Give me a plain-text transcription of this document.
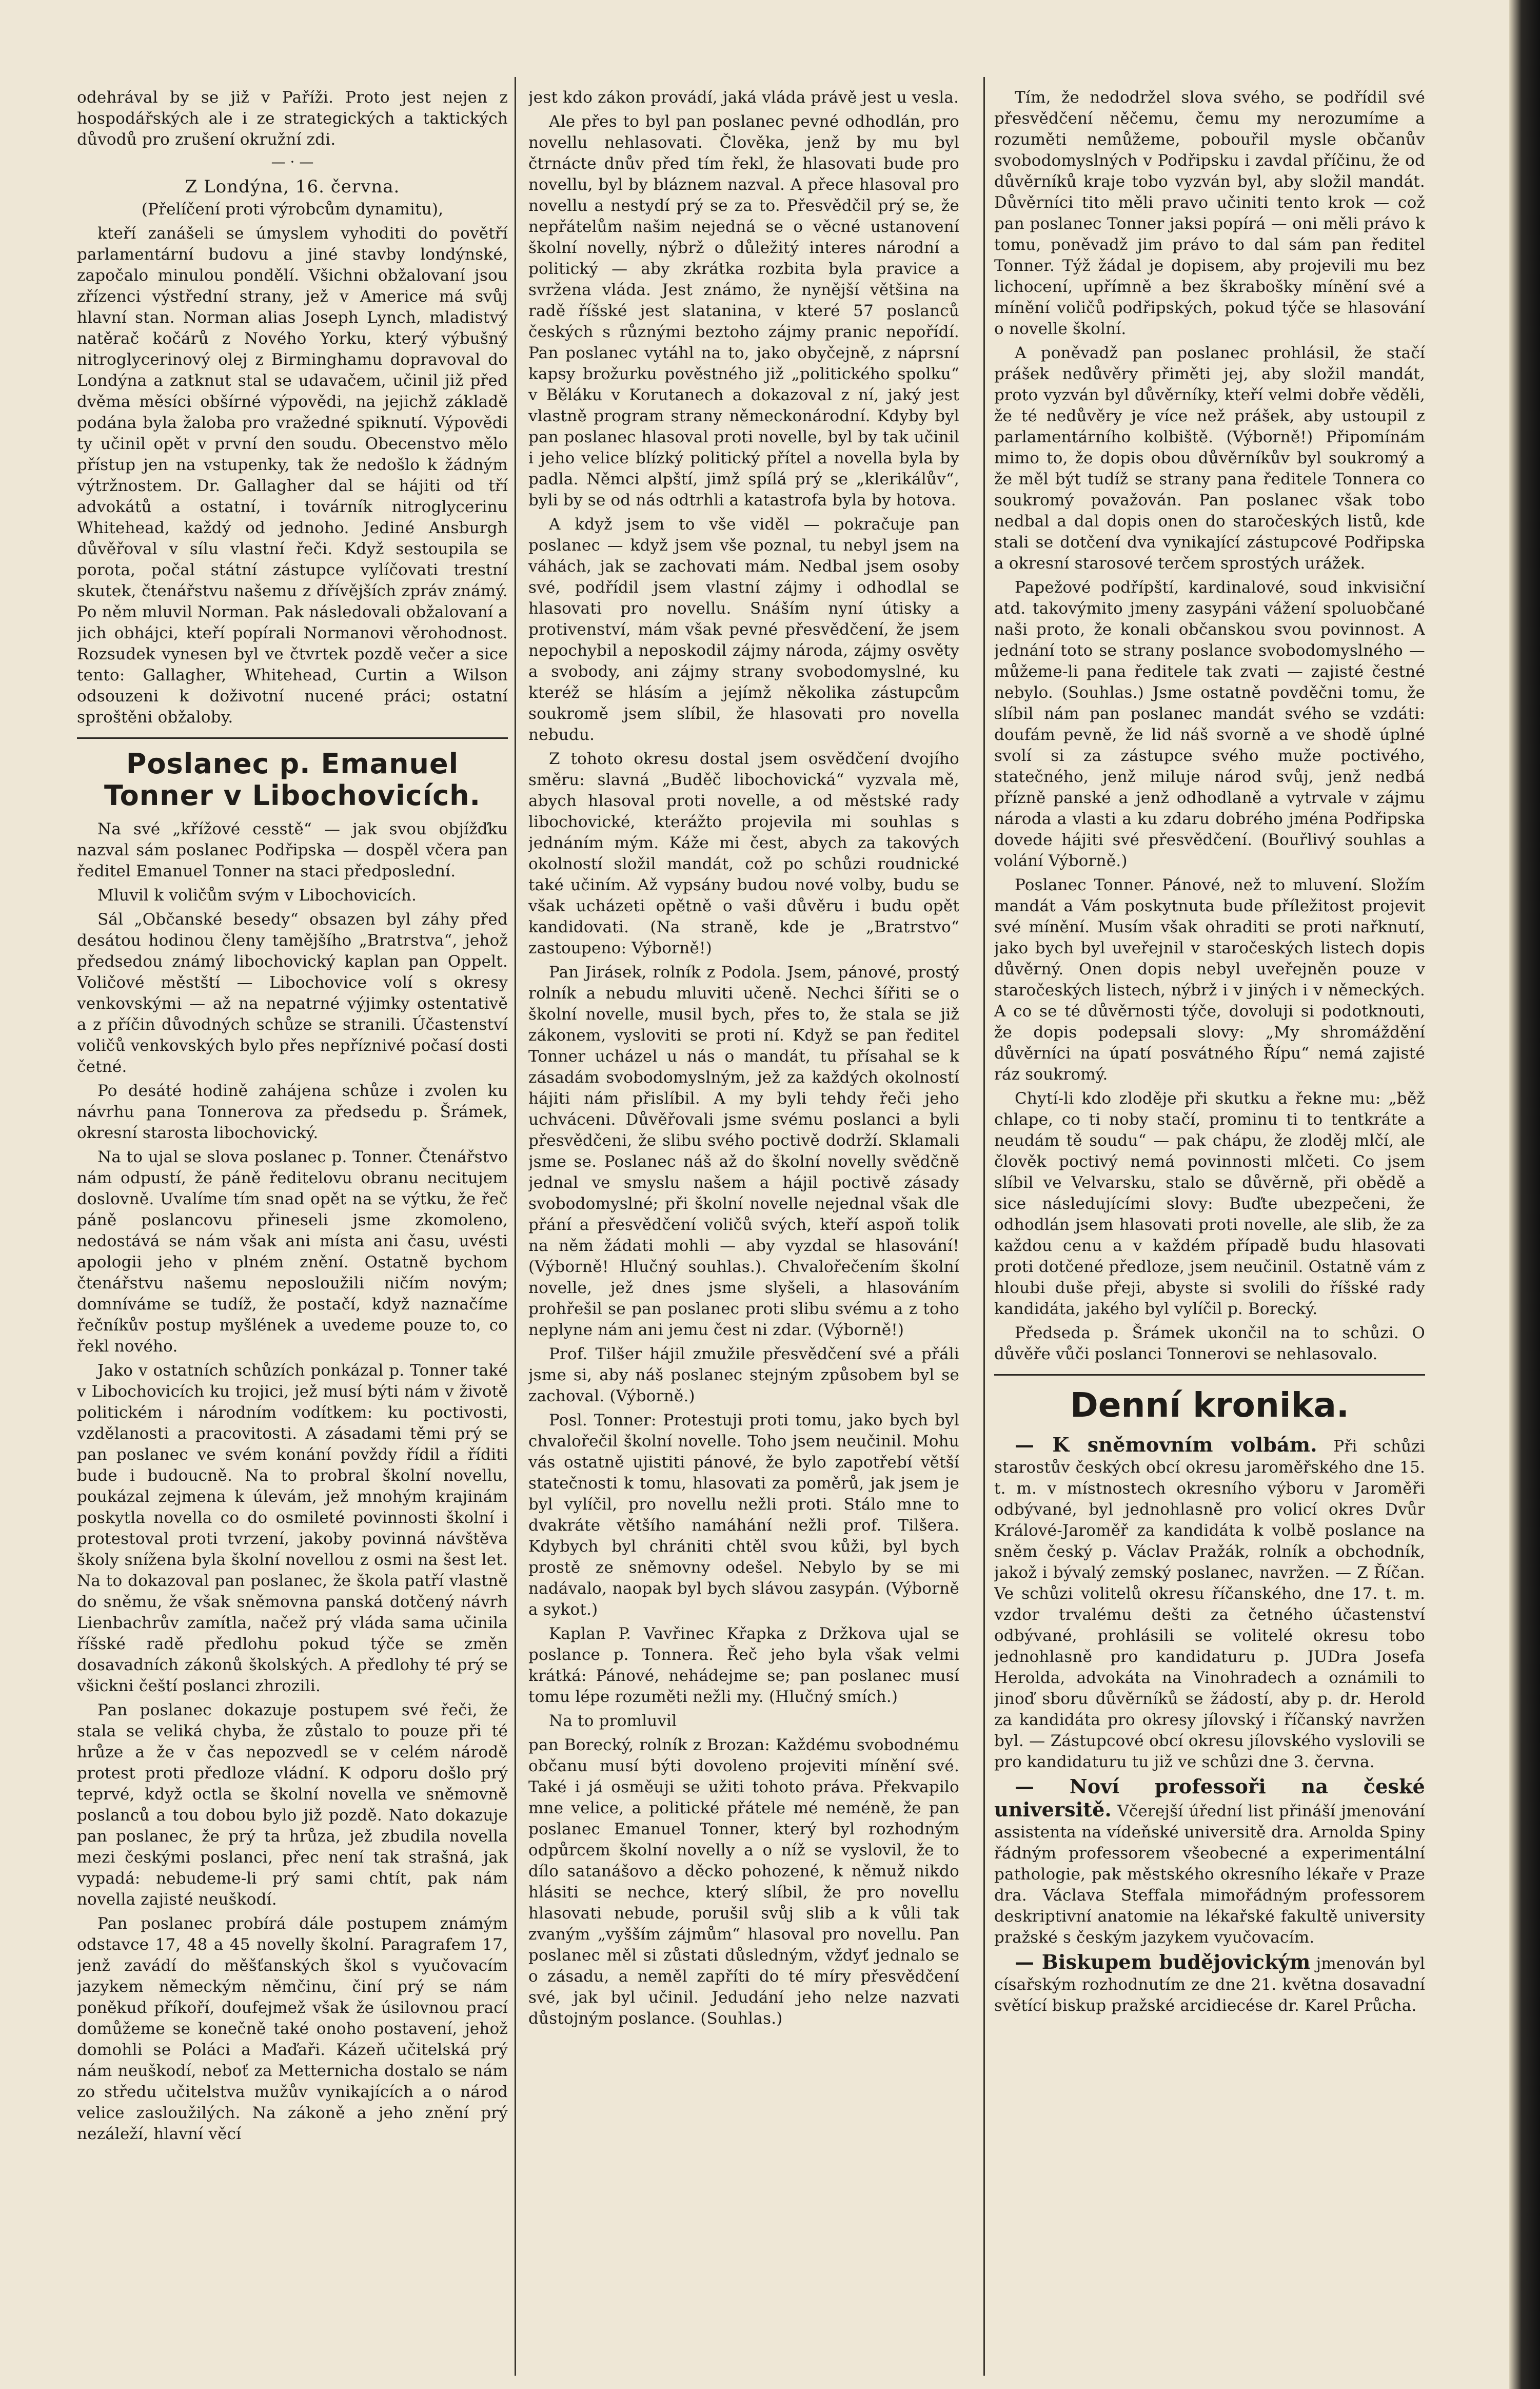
odehrával by se již v Paříži. Proto jest nejen z hospodářských ale i ze strategických a taktických důvodů pro zrušení okružní zdi.

— · —
Z Londýna, 16. června.

(Přelíčení proti výrobcům dynamitu),

kteří zanášeli se úmyslem vyhoditi do povětří parlamentární budovu a jiné stavby londýnské, započalo minulou pondělí. Všichni obžalovaní jsou zřízenci výstřední strany, jež v Americe má svůj hlavní stan. Norman alias Joseph Lynch, mladistvý natěrač kočárů z Nového Yorku, který výbušný nitroglycerinový olej z Birminghamu dopravoval do Londýna a zatknut stal se udavačem, učinil již před dvěma měsíci obšírné výpovědi, na jejichž základě podána byla žaloba pro vražedné spiknutí. Výpovědi ty učinil opět v první den soudu. Obecenstvo mělo přístup jen na vstupenky, tak že nedošlo k žádným výtržnostem. Dr. Gallagher dal se hájiti od tří advokátů a ostatní, i továrník nitroglycerinu Whitehead, každý od jednoho. Jediné Ansburgh důvěřoval v sílu vlastní řeči. Když sestoupila se porota, počal státní zástupce vylíčovati trestní skutek, čtenářstvu našemu z dřívějších zpráv známý. Po něm mluvil Norman. Pak následovali obžalovaní a jich obhájci, kteří popírali Normanovi věrohodnost. Rozsudek vynesen byl ve čtvrtek pozdě večer a sice tento: Gallagher, Whitehead, Curtin a Wilson odsouzeni k doživotní nucené práci; ostatní sproštěni obžaloby.

Poslanec p. Emanuel Tonner v Libochovicích.

Na své „křížové cesstě“ — jak svou objížďku nazval sám poslanec Podřipska — dospěl včera pan ředitel Emanuel Tonner na staci předposlední.

Mluvil k voličům svým v Libochovicích.

Sál „Občanské besedy“ obsazen byl záhy před desátou hodinou členy tamějšího „Bratrstva“, jehož předsedou známý libochovický kaplan pan Oppelt. Voličové městští — Libochovice volí s okresy venkovskými — až na nepatrné výjimky ostentativě a z příčin důvodných schůze se stranili. Účastenství voličů venkovských bylo přes nepříznivé počasí dosti četné.

Po desáté hodině zahájena schůze i zvolen ku návrhu pana Tonnerova za předsedu p. Šrámek, okresní starosta libochovický.

Na to ujal se slova poslanec p. Tonner. Čtenářstvo nám odpustí, že páně ředitelovu obranu necitujem doslovně. Uvalíme tím snad opět na se výtku, že řeč páně poslancovu přineseli jsme zkomoleno, nedostává se nám však ani místa ani času, uvésti apologii jeho v plném znění. Ostatně bychom čtenářstvu našemu neposloužili ničím novým; domníváme se tudíž, že postačí, když naznačíme řečníkův postup myšlének a uvedeme pouze to, co řekl nového.

Jako v ostatních schůzích ponkázal p. Tonner také v Libochovicích ku trojici, jež musí býti nám v životě politickém i národním vodítkem: ku poctivosti, vzdělanosti a pracovitosti. A zásadami těmi prý se pan poslanec ve svém konání povždy řídil a říditi bude i budoucně. Na to probral školní novellu, poukázal zejmena k úlevám, jež mnohým krajinám poskytla novella co do osmileté povinnosti školní i protestoval proti tvrzení, jakoby povinná návštěva školy snížena byla školní novellou z osmi na šest let. Na to dokazoval pan poslanec, že škola patří vlastně do sněmu, že však sněmovna panská dotčený návrh Lienbachrův zamítla, načež prý vláda sama učinila říšské radě předlohu pokud týče se změn dosavadních zákonů školských. A předlohy té prý se všickni čeští poslanci zhrozili.

Pan poslanec dokazuje postupem své řeči, že stala se veliká chyba, že zůstalo to pouze při té hrůze a že v čas nepozvedl se v celém národě protest proti předloze vládní. K odporu došlo prý teprvé, když octla se školní novella ve sněmovně poslanců a tou dobou bylo již pozdě. Nato dokazuje pan poslanec, že prý ta hrůza, jež zbudila novella mezi českými poslanci, přec není tak strašná, jak vypadá: nebudeme-li prý sami chtít, pak nám novella zajisté neuškodí.

Pan poslanec probírá dále postupem známým odstavce 17, 48 a 45 novelly školní. Paragrafem 17, jenž zavádí do měšťanských škol s vyučovacím jazykem německým němčinu, činí prý se nám poněkud příkoří, doufejmež však že úsilovnou prací domůžeme se konečně také onoho postavení, jehož domohli se Poláci a Maďaři. Kázeň učitelská prý nám neuškodí, neboť za Metternicha dostalo se nám zo středu učitelstva mužův vynikajících a o národ velice zasloužilých. Na zákoně a jeho znění prý nezáleží, hlavní věcí

jest kdo zákon provádí, jaká vláda právě jest u vesla.

Ale přes to byl pan poslanec pevné odhodlán, pro novellu nehlasovati. Člověka, jenž by mu byl čtrnácte dnův před tím řekl, že hlasovati bude pro novellu, byl by bláznem nazval. A přece hlasoval pro novellu a nestydí prý se za to. Přesvědčil prý se, že nepřátelům našim nejedná se o věcné ustanovení školní novelly, nýbrž o důležitý interes národní a politický — aby zkrátka rozbita byla pravice a svržena vláda. Jest známo, že nynější většina na radě říšské jest slatanina, v které 57 poslanců českých s různými beztoho zájmy pranic nepořídí. Pan poslanec vytáhl na to, jako obyčejně, z náprsní kapsy brožurku pověstného již „politického spolku“ v Běláku v Korutanech a dokazoval z ní, jaký jest vlastně program strany německonárodní. Kdyby byl pan poslanec hlasoval proti novelle, byl by tak učinil i jeho velice blízký politický přítel a novella byla by padla. Němci alpští, jimž spílá prý se „klerikálův“, byli by se od nás odtrhli a katastrofa byla by hotova.

A když jsem to vše viděl — pokračuje pan poslanec — když jsem vše poznal, tu nebyl jsem na váhách, jak se zachovati mám. Nedbal jsem osoby své, podřídil jsem vlastní zájmy i odhodlal se hlasovati pro novellu. Snáším nyní útisky a protivenství, mám však pevné přesvědčení, že jsem nepochybil a neposkodil zájmy národa, zájmy osvěty a svobody, ani zájmy strany svobodomyslné, ku kteréž se hlásím a jejímž několika zástupcům soukromě jsem slíbil, že hlasovati pro novella nebudu.

Z tohoto okresu dostal jsem osvědčení dvojího směru: slavná „Buděč libochovická“ vyzvala mě, abych hlasoval proti novelle, a od městské rady libochovické, kterážto projevila mi souhlas s jednáním mým. Káže mi čest, abych za takových okolností složil mandát, což po schůzi roudnické také učiním. Až vypsány budou nové volby, budu se však ucházeti opětně o vaši důvěru i budu opět kandidovati. (Na straně, kde je „Bratrstvo“ zastoupeno: Výborně!)

Pan Jirásek, rolník z Podola. Jsem, pánové, prostý rolník a nebudu mluviti učeně. Nechci šířiti se o školní novelle, musil bych, přes to, že stala se již zákonem, vysloviti se proti ní. Když se pan ředitel Tonner ucházel u nás o mandát, tu přísahal se k zásadám svobodomyslným, jež za každých okolností hájiti nám přislíbil. A my byli tehdy řeči jeho uchváceni. Důvěřovali jsme svému poslanci a byli přesvědčeni, že slibu svého poctivě dodrží. Sklamali jsme se. Poslanec náš až do školní novelly svědčně jednal ve smyslu našem a hájil poctivě zásady svobodomyslné; při školní novelle nejednal však dle přání a přesvědčení voličů svých, kteří aspoň tolik na něm žádati mohli — aby vyzdal se hlasování! (Výborně! Hlučný souhlas.). Chvalořečením školní novelle, jež dnes jsme slyšeli, a hlasováním prohřešil se pan poslanec proti slibu svému a z toho neplyne nám ani jemu čest ni zdar. (Výborně!)

Prof. Tilšer hájil zmužile přesvědčení své a přáli jsme si, aby náš poslanec stejným způsobem byl se zachoval. (Výborně.)

Posl. Tonner: Protestuji proti tomu, jako bych byl chvalořečil školní novelle. Toho jsem neučinil. Mohu vás ostatně ujistiti pánové, že bylo zapotřebí větší statečnosti k tomu, hlasovati za poměrů, jak jsem je byl vylíčil, pro novellu nežli proti. Stálo mne to dvakráte většího namáhání nežli prof. Tilšera. Kdybych byl chrániti chtěl svou kůži, byl bych prostě ze sněmovny odešel. Nebylo by se mi nadávalo, naopak byl bych slávou zasypán. (Výborně a sykot.)

Kaplan P. Vavřinec Křapka z Držkova ujal se poslance p. Tonnera. Řeč jeho byla však velmi krátká: Pánové, nehádejme se; pan poslanec musí tomu lépe rozuměti nežli my. (Hlučný smích.)

Na to promluvil

pan Borecký, rolník z Brozan: Každému svobodnému občanu musí býti dovoleno projeviti mínění své. Také i já osměuji se užiti tohoto práva. Překvapilo mne velice, a politické přátele mé neméně, že pan poslanec Emanuel Tonner, který byl rozhodným odpůrcem školní novelly a o níž se vyslovil, že to dílo satanášovo a děcko pohozené, k němuž nikdo hlásiti se nechce, který slíbil, že pro novellu hlasovati nebude, porušil svůj slib a k vůli tak zvaným „vyšším zájmům“ hlasoval pro novellu. Pan poslanec měl si zůstati důsledným, vždyť jednalo se o zásadu, a neměl zapříti do té míry přesvědčení své, jak byl učinil. Jedudání jeho nelze nazvati důstojným poslance. (Souhlas.)

Tím, že nedodržel slova svého, se podřídil své přesvědčení něčemu, čemu my nerozumíme a rozuměti nemůžeme, pobouřil mysle občanův svobodomyslných v Podřipsku i zavdal příčinu, že od důvěrníků kraje tobo vyzván byl, aby složil mandát. Důvěrníci tito měli pravo učiniti tento krok — což pan poslanec Tonner jaksi popírá — oni měli právo k tomu, poněvadž jim právo to dal sám pan ředitel Tonner. Týž žádal je dopisem, aby projevili mu bez lichocení, upřímně a bez škrabošky mínění své a mínění voličů podřipských, pokud týče se hlasování o novelle školní.

A poněvadž pan poslanec prohlásil, že stačí prášek nedůvěry přiměti jej, aby složil mandát, proto vyzván byl důvěrníky, kteří velmi dobře věděli, že té nedůvěry je více než prášek, aby ustoupil z parlamentárního kolbiště. (Výborně!) Připomínám mimo to, že dopis obou důvěrníkův byl soukromý a že měl být tudíž se strany pana ředitele Tonnera co soukromý považován. Pan poslanec však tobo nedbal a dal dopis onen do staročeských listů, kde stali se dotčení dva vynikající zástupcové Podřipska a okresní starosové terčem sprostých urážek.

Papežové podřípští, kardinalové, soud inkvisiční atd. takovýmito jmeny zasypáni vážení spoluobčané naši proto, že konali občanskou svou povinnost. A jednání toto se strany poslance svobodomyslného — můžeme-li pana ředitele tak zvati — zajisté čestné nebylo. (Souhlas.) Jsme ostatně povděčni tomu, že slíbil nám pan poslanec mandát svého se vzdáti: doufám pevně, že lid náš svorně a ve shodě úplné svolí si za zástupce svého muže poctivého, statečného, jenž miluje národ svůj, jenž nedbá přízně panské a jenž odhodlaně a vytrvale v zájmu národa a vlasti a ku zdaru dobrého jména Podřipska dovede hájiti své přesvědčení. (Bouřlivý souhlas a volání Výborně.)

Poslanec Tonner. Pánové, než to mluvení. Složím mandát a Vám poskytnuta bude příležitost projevit své mínění. Musím však ohraditi se proti nařknutí, jako bych byl uveřejnil v staročeských listech dopis důvěrný. Onen dopis nebyl uveřejněn pouze v staročeských listech, nýbrž i v jiných i v německých. A co se té důvěrnosti týče, dovoluji si podotknouti, že dopis podepsali slovy: „My shromáždění důvěrníci na úpatí posvátného Řípu“ nemá zajisté ráz soukromý.

Chytí-li kdo zloděje při skutku a řekne mu: „běž chlape, co ti noby stačí, prominu ti to tentkráte a neudám tě soudu“ — pak chápu, že zloděj mlčí, ale člověk poctivý nemá povinnosti mlčeti. Co jsem slíbil ve Velvarsku, stalo se důvěrně, při obědě a sice následujícími slovy: Buďte ubezpečeni, že odhodlán jsem hlasovati proti novelle, ale slib, že za každou cenu a v každém případě budu hlasovati proti dotčené předloze, jsem neučinil. Ostatně vám z hloubi duše přeji, abyste si svolili do říšské rady kandidáta, jakého byl vylíčil p. Borecký.

Předseda p. Šrámek ukončil na to schůzi. O důvěře vůči poslanci Tonnerovi se nehlasovalo.

Denní kronika.

— K sněmovním volbám. Při schůzi starostův českých obcí okresu jaroměřského dne 15. t. m. v místnostech okresního výboru v Jaroměři odbývané, byl jednohlasně pro volicí okres Dvůr Králové-Jaroměř za kandidáta k volbě poslance na sněm český p. Václav Pražák, rolník a obchodník, jakož i bývalý zemský poslanec, navržen. — Z Říčan. Ve schůzi volitelů okresu říčanského, dne 17. t. m. vzdor trvalému dešti za četného účastenství odbývané, prohlásili se volitelé okresu tobo jednohlasně pro kandidaturu p. JUDra Josefa Herolda, advokáta na Vinohradech a oznámili to jinoď sboru důvěrníků se žádostí, aby p. dr. Herold za kandidáta pro okresy jílovský i říčanský navržen byl. — Zástupcové obcí okresu jílovského vyslovili se pro kandidaturu tu již ve schůzi dne 3. června.

— Noví professoři na české universitě. Včerejší úřední list přináší jmenování assistenta na vídeňské universitě dra. Arnolda Spiny řádným professorem všeobecné a experimentální pathologie, pak městského okresního lékaře v Praze dra. Václava Steffala mimořádným professorem deskriptivní anatomie na lékařské fakultě university pražské s českým jazykem vyučovacím.

— Biskupem budějovickým jmenován byl císařským rozhodnutím ze dne 21. května dosavadní světící biskup pražské arcidiecése dr. Karel Průcha.
